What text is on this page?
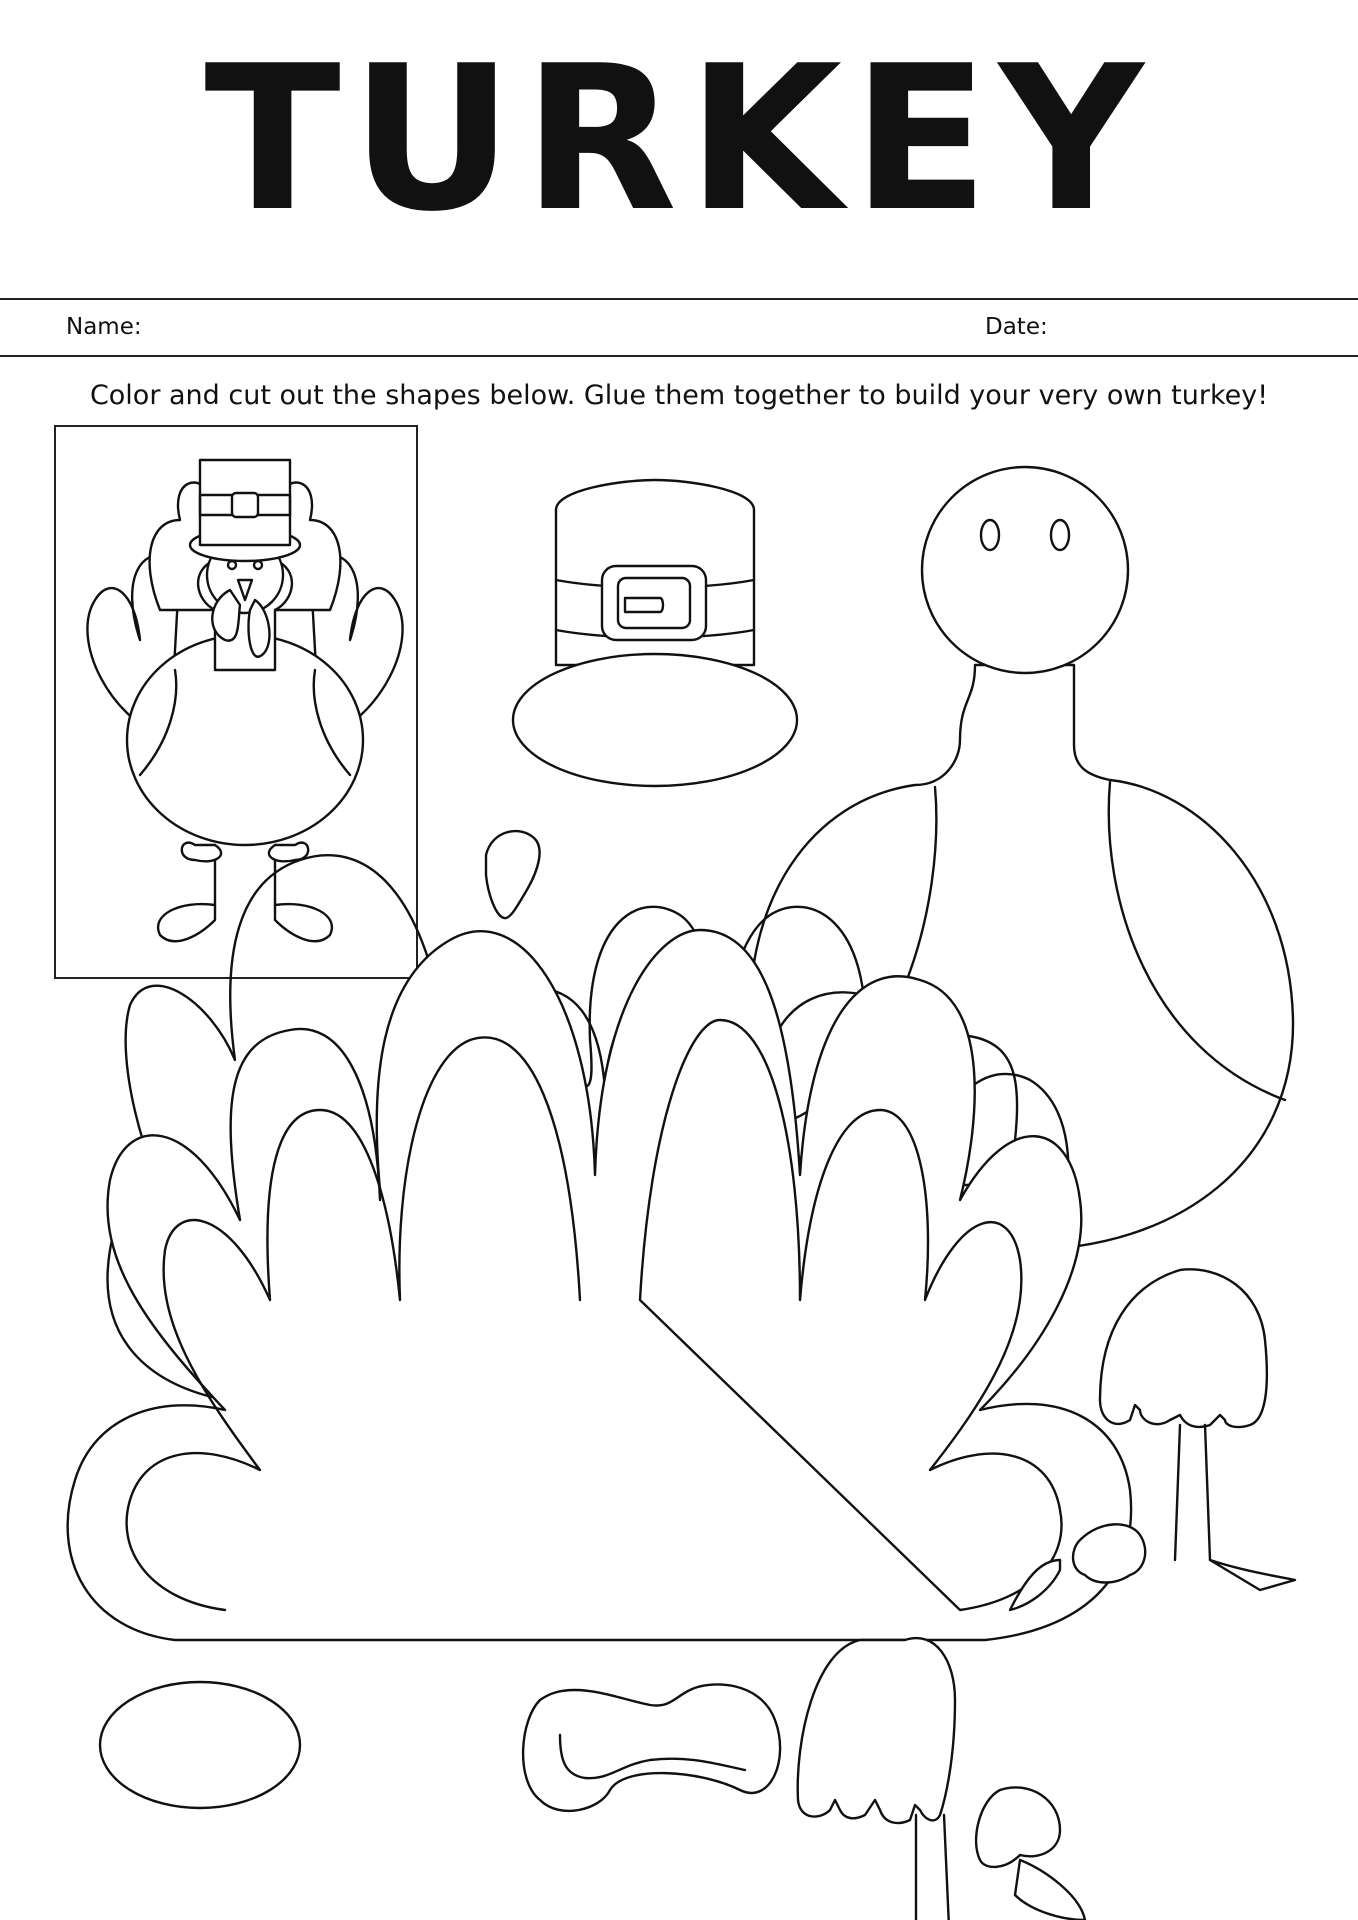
TURKEY
Name:	Date:
Color and cut out the shapes below. Glue them together to build your very own turkey!
